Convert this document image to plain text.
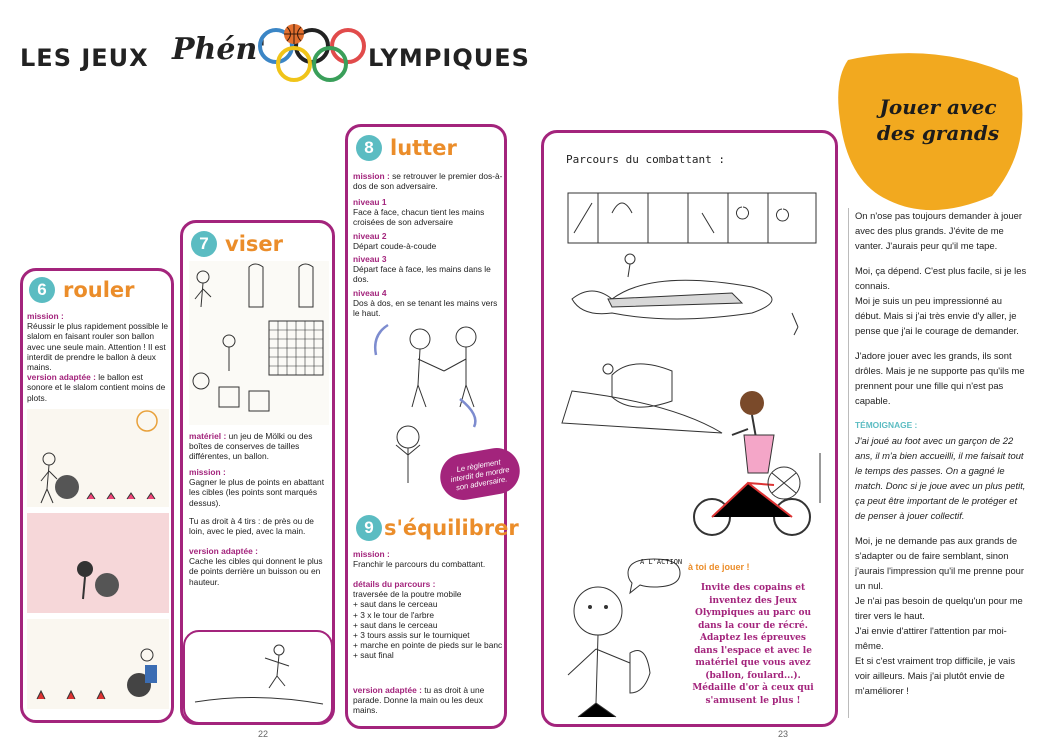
LES JEUX Phén'	LYMPIQUES
6 rouler
mission :
Réussir le plus rapidement possible le slalom en faisant rouler son ballon avec une seule main. Attention ! Il est interdit de prendre le ballon à deux mains.
version adaptée : le ballon est sonore et le slalom contient moins de plots.
7 viser
matériel : un jeu de Mölki ou des boîtes de conserves de tailles différentes, un ballon.
mission :
Gagner le plus de points en abattant les cibles (les points sont marqués dessus).
Tu as droit à 4 tirs : de près ou de loin, avec le pied, avec la main.
version adaptée :
Cache les cibles qui donnent le plus de points derrière un buisson ou en hauteur.
8 lutter
mission : se retrouver le premier dos-à-dos de son adversaire.
niveau 1
Face à face, chacun tient les mains croisées de son adversaire
niveau 2
Départ coude-à-coude
niveau 3
Départ face à face, les mains dans le dos.
niveau 4
Dos à dos, en se tenant les mains vers le haut.
Le règlement interdit de mordre son adversaire.
9 s'équilibrer
mission :
Franchir le parcours du combattant.
détails du parcours :
traversée de la poutre mobile
+ saut dans le cerceau
+ 3 x le tour de l'arbre
+ saut dans le cerceau
+ 3 tours assis sur le tourniquet
+ marche en pointe de pieds sur le banc
+ saut final
version adaptée : tu as droit à une parade. Donne la main ou les deux mains.
Parcours du combattant :
A L'ACTION à toi de jouer !
Invite des copains et inventez des Jeux Olympiques au parc ou dans la cour de récré. Adaptez les épreuves dans l'espace et avec le matériel que vous avez (ballon, foulard...). Médaille d'or à ceux qui s'amusent le plus !
Jouer avec des grands

On n'ose pas toujours demander à jouer avec des plus grands. J'évite de me vanter. J'aurais peur qu'il me tape.

Moi, ça dépend. C'est plus facile, si je les connais.
Moi je suis un peu impressionné au début. Mais si j'ai très envie d'y aller, je pense que j'ai le courage de demander.

J'adore jouer avec les grands, ils sont drôles. Mais je ne supporte pas qu'ils me prennent pour une fille qui n'est pas capable.

TÉMOIGNAGE :

J'ai joué au foot avec un garçon de 22 ans, il m'a bien accueilli, il me faisait tout le temps des passes. On a gagné le match. Donc si je joue avec un plus petit, ça peut être important de le protéger et de penser à jouer collectif.

Moi, je ne demande pas aux grands de s'adapter ou de faire semblant, sinon j'aurais l'impression qu'il me prenne pour un nul.
Je n'ai pas besoin de quelqu'un pour me tirer vers le haut.
J'ai envie d'attirer l'attention par moi-même.
Et si c'est vraiment trop difficile, je vais voir ailleurs. Mais j'ai plutôt envie de m'améliorer !

22	23
